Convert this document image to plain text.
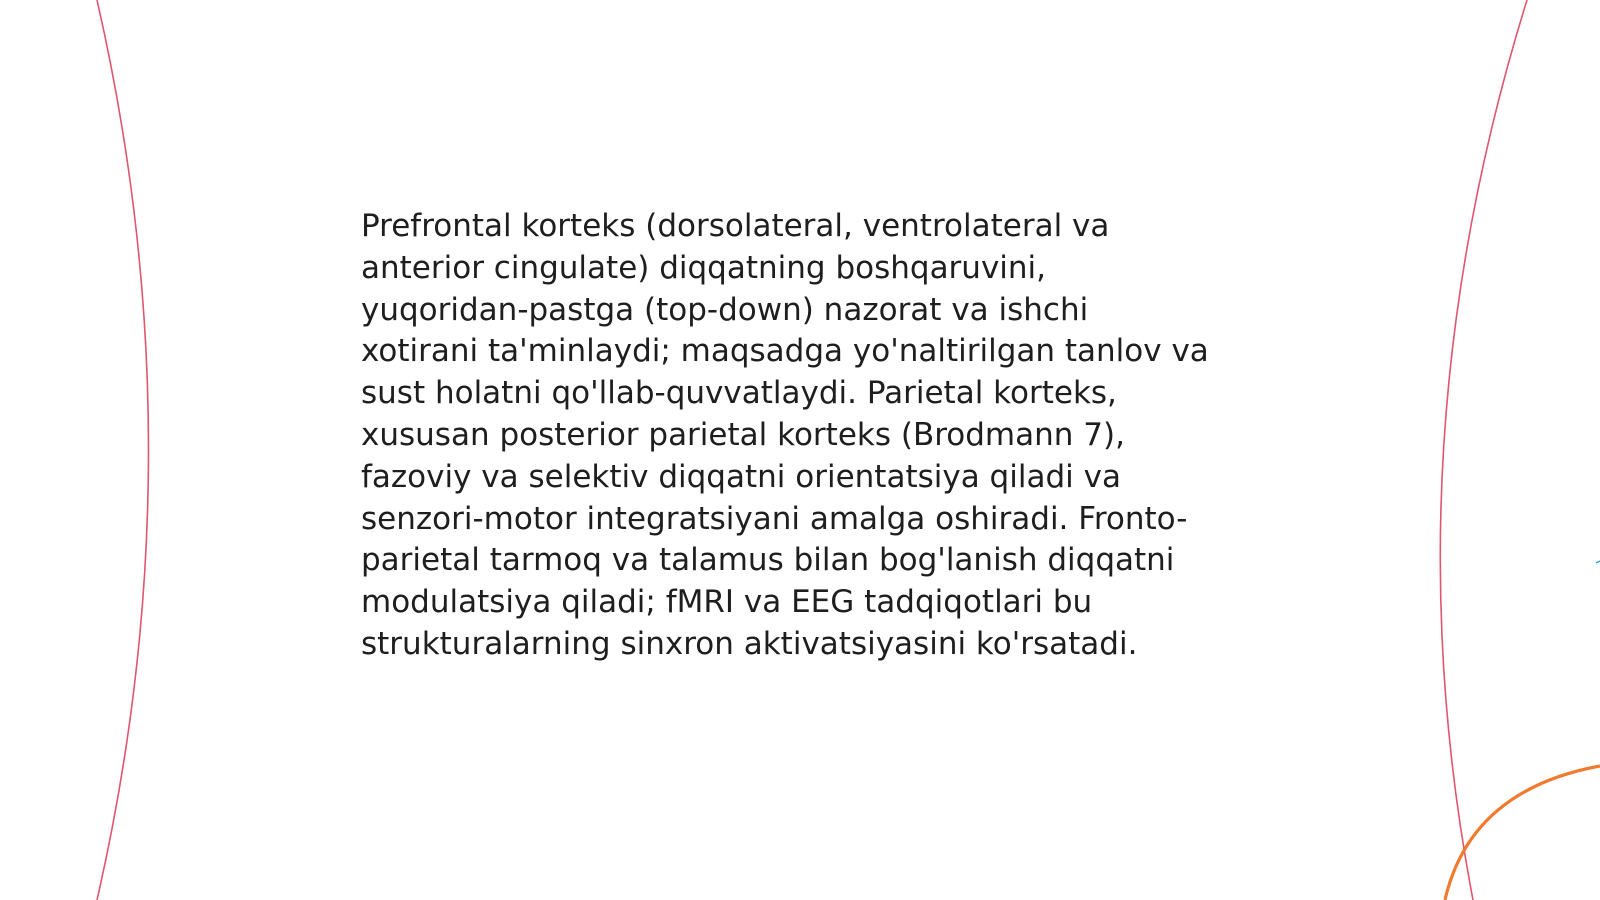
Prefrontal korteks (dorsolateral, ventrolateral va
anterior cingulate) diqqatning boshqaruvini,
yuqoridan-pastga (top-down) nazorat va ishchi
xotirani ta'minlaydi; maqsadga yo'naltirilgan tanlov va
sust holatni qo'llab-quvvatlaydi. Parietal korteks,
xususan posterior parietal korteks (Brodmann 7),
fazoviy va selektiv diqqatni orientatsiya qiladi va
senzori-motor integratsiyani amalga oshiradi. Fronto-
parietal tarmoq va talamus bilan bog'lanish diqqatni
modulatsiya qiladi; fMRI va EEG tadqiqotlari bu
strukturalarning sinxron aktivatsiyasini ko'rsatadi.
